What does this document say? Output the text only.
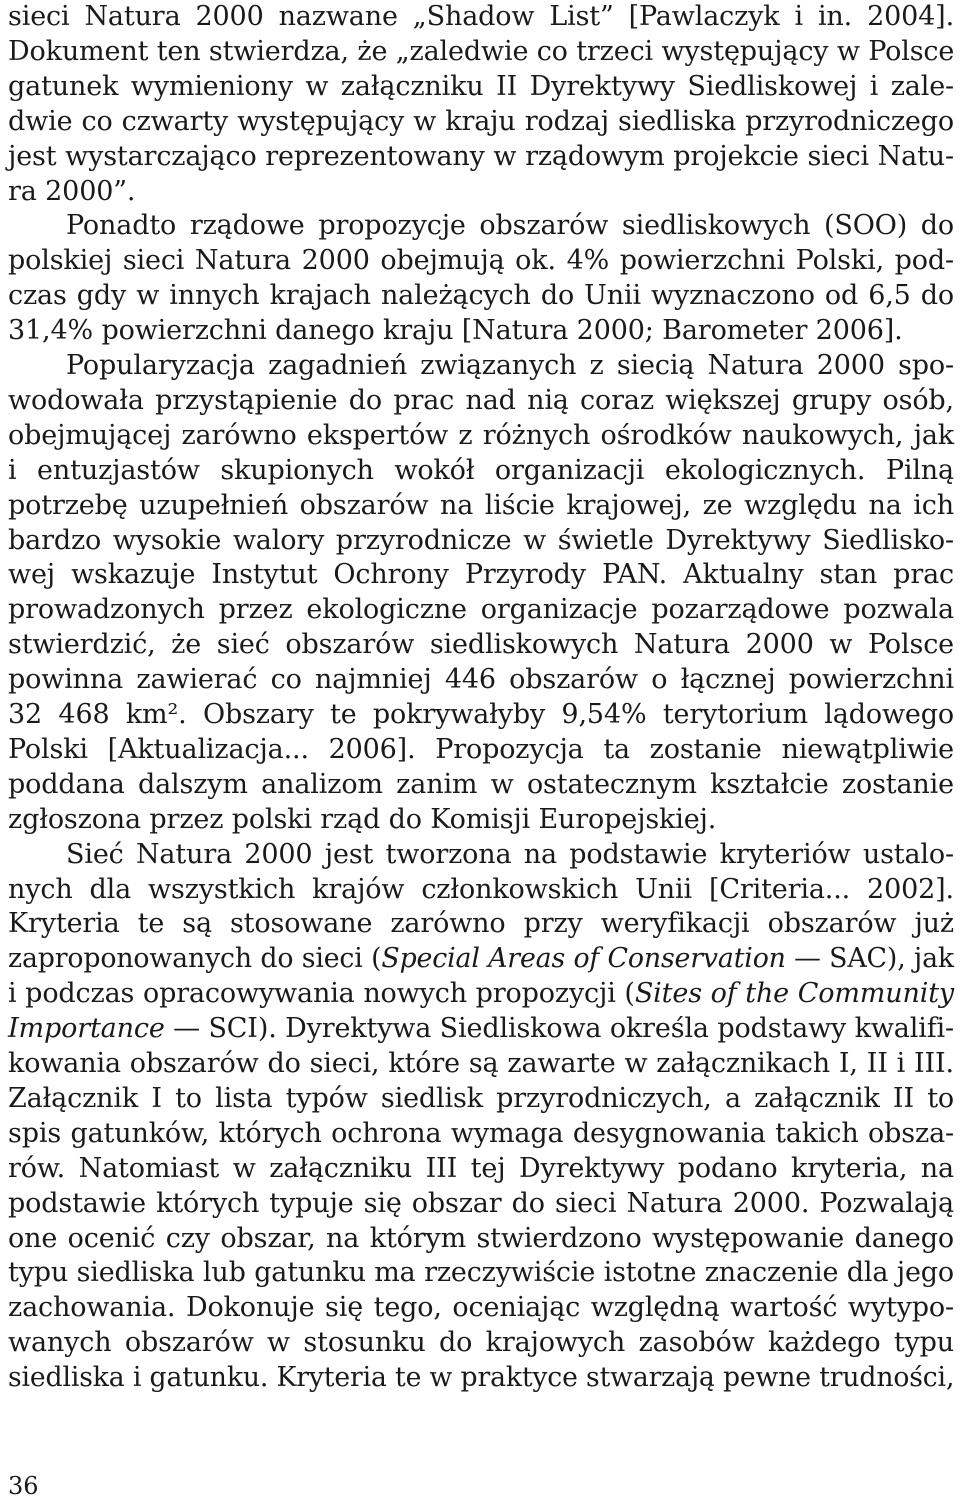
sieci Natura 2000 nazwane „Shadow List” [Pawlaczyk i in. 2004].
Dokument ten stwierdza, że „zaledwie co trzeci występujący w Polsce
gatunek wymieniony w załączniku II Dyrektywy Siedliskowej i zale-
dwie co czwarty występujący w kraju rodzaj siedliska przyrodniczego
jest wystarczająco reprezentowany w rządowym projekcie sieci Natu-
ra 2000”.
Ponadto rządowe propozycje obszarów siedliskowych (SOO) do
polskiej sieci Natura 2000 obejmują ok. 4% powierzchni Polski, pod-
czas gdy w innych krajach należących do Unii wyznaczono od 6,5 do
31,4% powierzchni danego kraju [Natura 2000; Barometer 2006].
Popularyzacja zagadnień związanych z siecią Natura 2000 spo-
wodowała przystąpienie do prac nad nią coraz większej grupy osób,
obejmującej zarówno ekspertów z różnych ośrodków naukowych, jak
i entuzjastów skupionych wokół organizacji ekologicznych. Pilną
potrzebę uzupełnień obszarów na liście krajowej, ze względu na ich
bardzo wysokie walory przyrodnicze w świetle Dyrektywy Siedlisko-
wej wskazuje Instytut Ochrony Przyrody PAN. Aktualny stan prac
prowadzonych przez ekologiczne organizacje pozarządowe pozwala
stwierdzić, że sieć obszarów siedliskowych Natura 2000 w Polsce
powinna zawierać co najmniej 446 obszarów o łącznej powierzchni
32 468 km². Obszary te pokrywałyby 9,54% terytorium lądowego
Polski [Aktualizacja... 2006]. Propozycja ta zostanie niewątpliwie
poddana dalszym analizom zanim w ostatecznym kształcie zostanie
zgłoszona przez polski rząd do Komisji Europejskiej.
Sieć Natura 2000 jest tworzona na podstawie kryteriów ustalo-
nych dla wszystkich krajów członkowskich Unii [Criteria... 2002].
Kryteria te są stosowane zarówno przy weryfikacji obszarów już
zaproponowanych do sieci (Special Areas of Conservation — SAC), jak
i podczas opracowywania nowych propozycji (Sites of the Community
Importance — SCI). Dyrektywa Siedliskowa określa podstawy kwalifi-
kowania obszarów do sieci, które są zawarte w załącznikach I, II i III.
Załącznik I to lista typów siedlisk przyrodniczych, a załącznik II to
spis gatunków, których ochrona wymaga desygnowania takich obsza-
rów. Natomiast w załączniku III tej Dyrektywy podano kryteria, na
podstawie których typuje się obszar do sieci Natura 2000. Pozwalają
one ocenić czy obszar, na którym stwierdzono występowanie danego
typu siedliska lub gatunku ma rzeczywiście istotne znaczenie dla jego
zachowania. Dokonuje się tego, oceniając względną wartość wytypo-
wanych obszarów w stosunku do krajowych zasobów każdego typu
siedliska i gatunku. Kryteria te w praktyce stwarzają pewne trudności,
36
